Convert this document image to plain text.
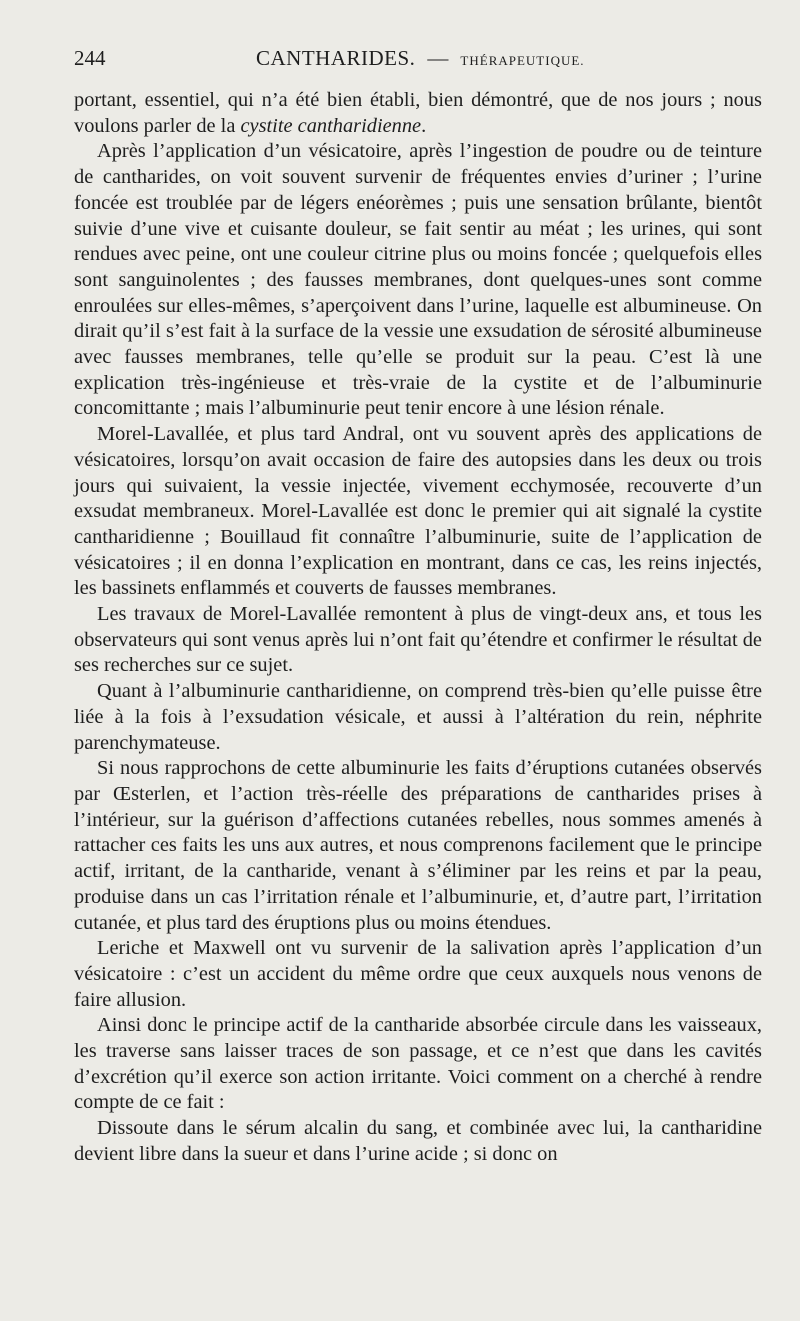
244	CANTHARIDES. — THÉRAPEUTIQUE.

portant, essentiel, qui n’a été bien établi, bien démontré, que de nos jours ; nous voulons parler de la cystite cantharidienne.

Après l’application d’un vésicatoire, après l’ingestion de poudre ou de teinture de cantharides, on voit souvent survenir de fréquentes envies d’uriner ; l’urine foncée est troublée par de légers enéorèmes ; puis une sensation brûlante, bientôt suivie d’une vive et cuisante douleur, se fait sentir au méat ; les urines, qui sont rendues avec peine, ont une couleur citrine plus ou moins foncée ; quelquefois elles sont sanguinolentes ; des fausses membranes, dont quelques-unes sont comme enroulées sur elles-mêmes, s’aperçoivent dans l’urine, laquelle est albumineuse. On dirait qu’il s’est fait à la surface de la vessie une exsudation de sérosité albumineuse avec fausses membranes, telle qu’elle se produit sur la peau. C’est là une explication très-ingénieuse et très-vraie de la cystite et de l’albuminurie concomittante ; mais l’albuminurie peut tenir encore à une lésion rénale.

Morel-Lavallée, et plus tard Andral, ont vu souvent après des applications de vésicatoires, lorsqu’on avait occasion de faire des autopsies dans les deux ou trois jours qui suivaient, la vessie injectée, vivement ecchymosée, recouverte d’un exsudat membraneux. Morel-Lavallée est donc le premier qui ait signalé la cystite cantharidienne ; Bouillaud fit connaître l’albuminurie, suite de l’application de vésicatoires ; il en donna l’explication en montrant, dans ce cas, les reins injectés, les bassinets enflammés et couverts de fausses membranes.

Les travaux de Morel-Lavallée remontent à plus de vingt-deux ans, et tous les observateurs qui sont venus après lui n’ont fait qu’étendre et confirmer le résultat de ses recherches sur ce sujet.

Quant à l’albuminurie cantharidienne, on comprend très-bien qu’elle puisse être liée à la fois à l’exsudation vésicale, et aussi à l’altération du rein, néphrite parenchymateuse.

Si nous rapprochons de cette albuminurie les faits d’éruptions cutanées observés par Œsterlen, et l’action très-réelle des préparations de cantharides prises à l’intérieur, sur la guérison d’affections cutanées rebelles, nous sommes amenés à rattacher ces faits les uns aux autres, et nous comprenons facilement que le principe actif, irritant, de la cantharide, venant à s’éliminer par les reins et par la peau, produise dans un cas l’irritation rénale et l’albuminurie, et, d’autre part, l’irritation cutanée, et plus tard des éruptions plus ou moins étendues.

Leriche et Maxwell ont vu survenir de la salivation après l’application d’un vésicatoire : c’est un accident du même ordre que ceux auxquels nous venons de faire allusion.

Ainsi donc le principe actif de la cantharide absorbée circule dans les vaisseaux, les traverse sans laisser traces de son passage, et ce n’est que dans les cavités d’excrétion qu’il exerce son action irritante. Voici comment on a cherché à rendre compte de ce fait :

Dissoute dans le sérum alcalin du sang, et combinée avec lui, la cantharidine devient libre dans la sueur et dans l’urine acide ; si donc on
